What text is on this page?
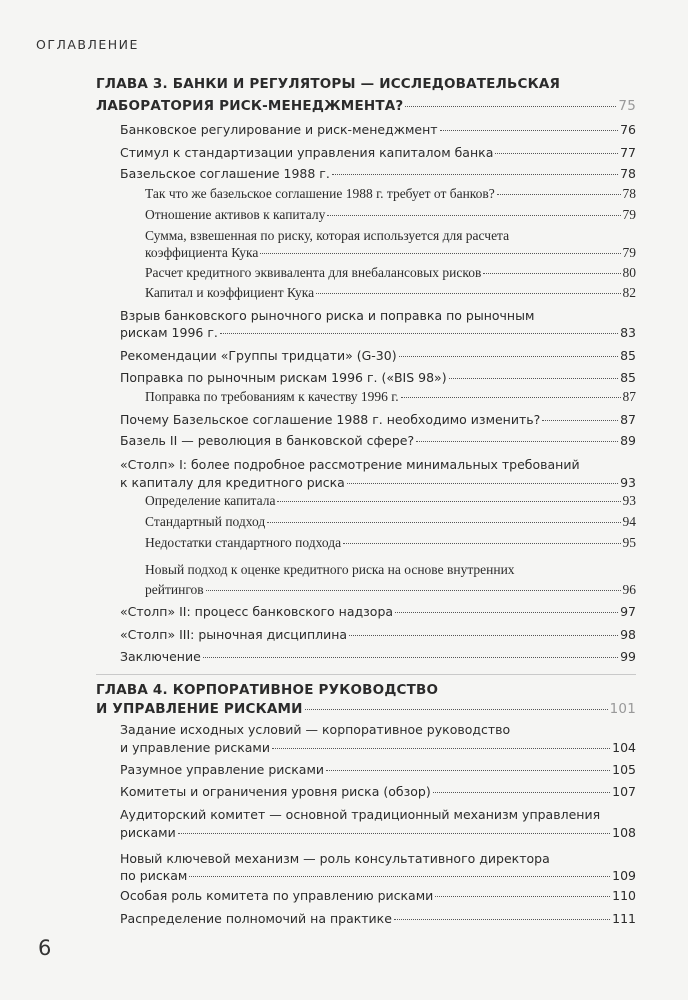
ОГЛАВЛЕНИЕ
ГЛАВА 3. БАНКИ И РЕГУЛЯТОРЫ — ИССЛЕДОВАТЕЛЬСКАЯ
ЛАБОРАТОРИЯ РИСК-МЕНЕДЖМЕНТА?	75
Банковское регулирование и риск-менеджмент	76
Стимул к стандартизации управления капиталом банка	77
Базельское соглашение 1988 г.	78
Так что же базельское соглашение 1988 г. требует от банков?	78
Отношение активов к капиталу	79
Сумма, взвешенная по риску, которая используется для расчета
коэффициента Кука	79
Расчет кредитного эквивалента для внебалансовых рисков	80
Капитал и коэффициент Кука	82
Взрыв банковского рыночного риска и поправка по рыночным
рискам 1996 г.	83
Рекомендации «Группы тридцати» (G-30)	85
Поправка по рыночным рискам 1996 г. («BIS 98»)	85
Поправка по требованиям к качеству 1996 г.	87
Почему Базельское соглашение 1988 г. необходимо изменить?	87
Базель II — революция в банковской сфере?	89
«Столп» I: более подробное рассмотрение минимальных требований
к капиталу для кредитного риска	93
Определение капитала	93
Стандартный подход	94
Недостатки стандартного подхода	95
Новый подход к оценке кредитного риска на основе внутренних
рейтингов	96
«Столп» II: процесс банковского надзора	97
«Столп» III: рыночная дисциплина	98
Заключение	99
ГЛАВА 4. КОРПОРАТИВНОЕ РУКОВОДСТВО
И УПРАВЛЕНИЕ РИСКАМИ	101
Задание исходных условий — корпоративное руководство
и управление рисками	104
Разумное управление рисками	105
Комитеты и ограничения уровня риска (обзор)	107
Аудиторский комитет — основной традиционный механизм управления
рисками	108
Новый ключевой механизм — роль консультативного директора
по рискам	109
Особая роль комитета по управлению рисками	110
Распределение полномочий на практике	111
6
